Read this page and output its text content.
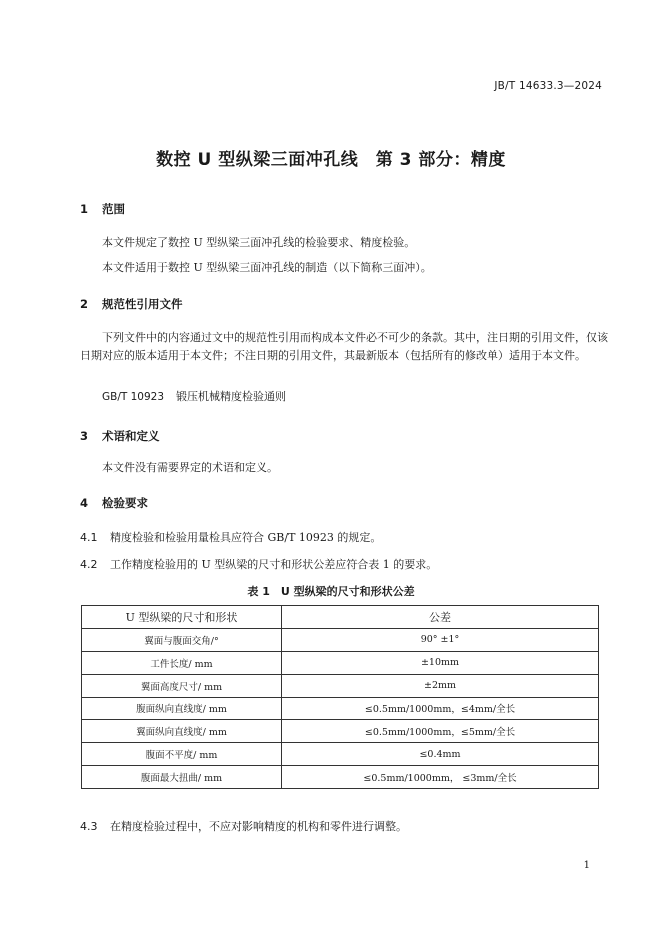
JB/T 14633.3—2024
数控 U 型纵梁三面冲孔线　第 3 部分：精度
1 范围
本文件规定了数控 U 型纵梁三面冲孔线的检验要求、精度检验。
本文件适用于数控 U 型纵梁三面冲孔线的制造（以下简称三面冲）。
2 规范性引用文件
下列文件中的内容通过文中的规范性引用而构成本文件必不可少的条款。其中，注日期的引用文件，仅该日期对应的版本适用于本文件；不注日期的引用文件，其最新版本（包括所有的修改单）适用于本文件。
GB/T 10923 锻压机械精度检验通则
3 术语和定义
本文件没有需要界定的术语和定义。
4 检验要求
4.1 精度检验和检验用量检具应符合 GB/T 10923 的规定。
4.2 工作精度检验用的 U 型纵梁的尺寸和形状公差应符合表 1 的要求。
表 1　U 型纵梁的尺寸和形状公差
U 型纵梁的尺寸和形状	公差
翼面与腹面交角/°	90° ±1°
工件长度/ mm	±10mm
翼面高度尺寸/ mm	±2mm
腹面纵向直线度/ mm	≤0.5mm/1000mm，≤4mm/全长
翼面纵向直线度/ mm	≤0.5mm/1000mm，≤5mm/全长
腹面不平度/ mm	≤0.4mm
腹面最大扭曲/ mm	≤0.5mm/1000mm， ≤3mm/全长
4.3 在精度检验过程中，不应对影响精度的机构和零件进行调整。
1
